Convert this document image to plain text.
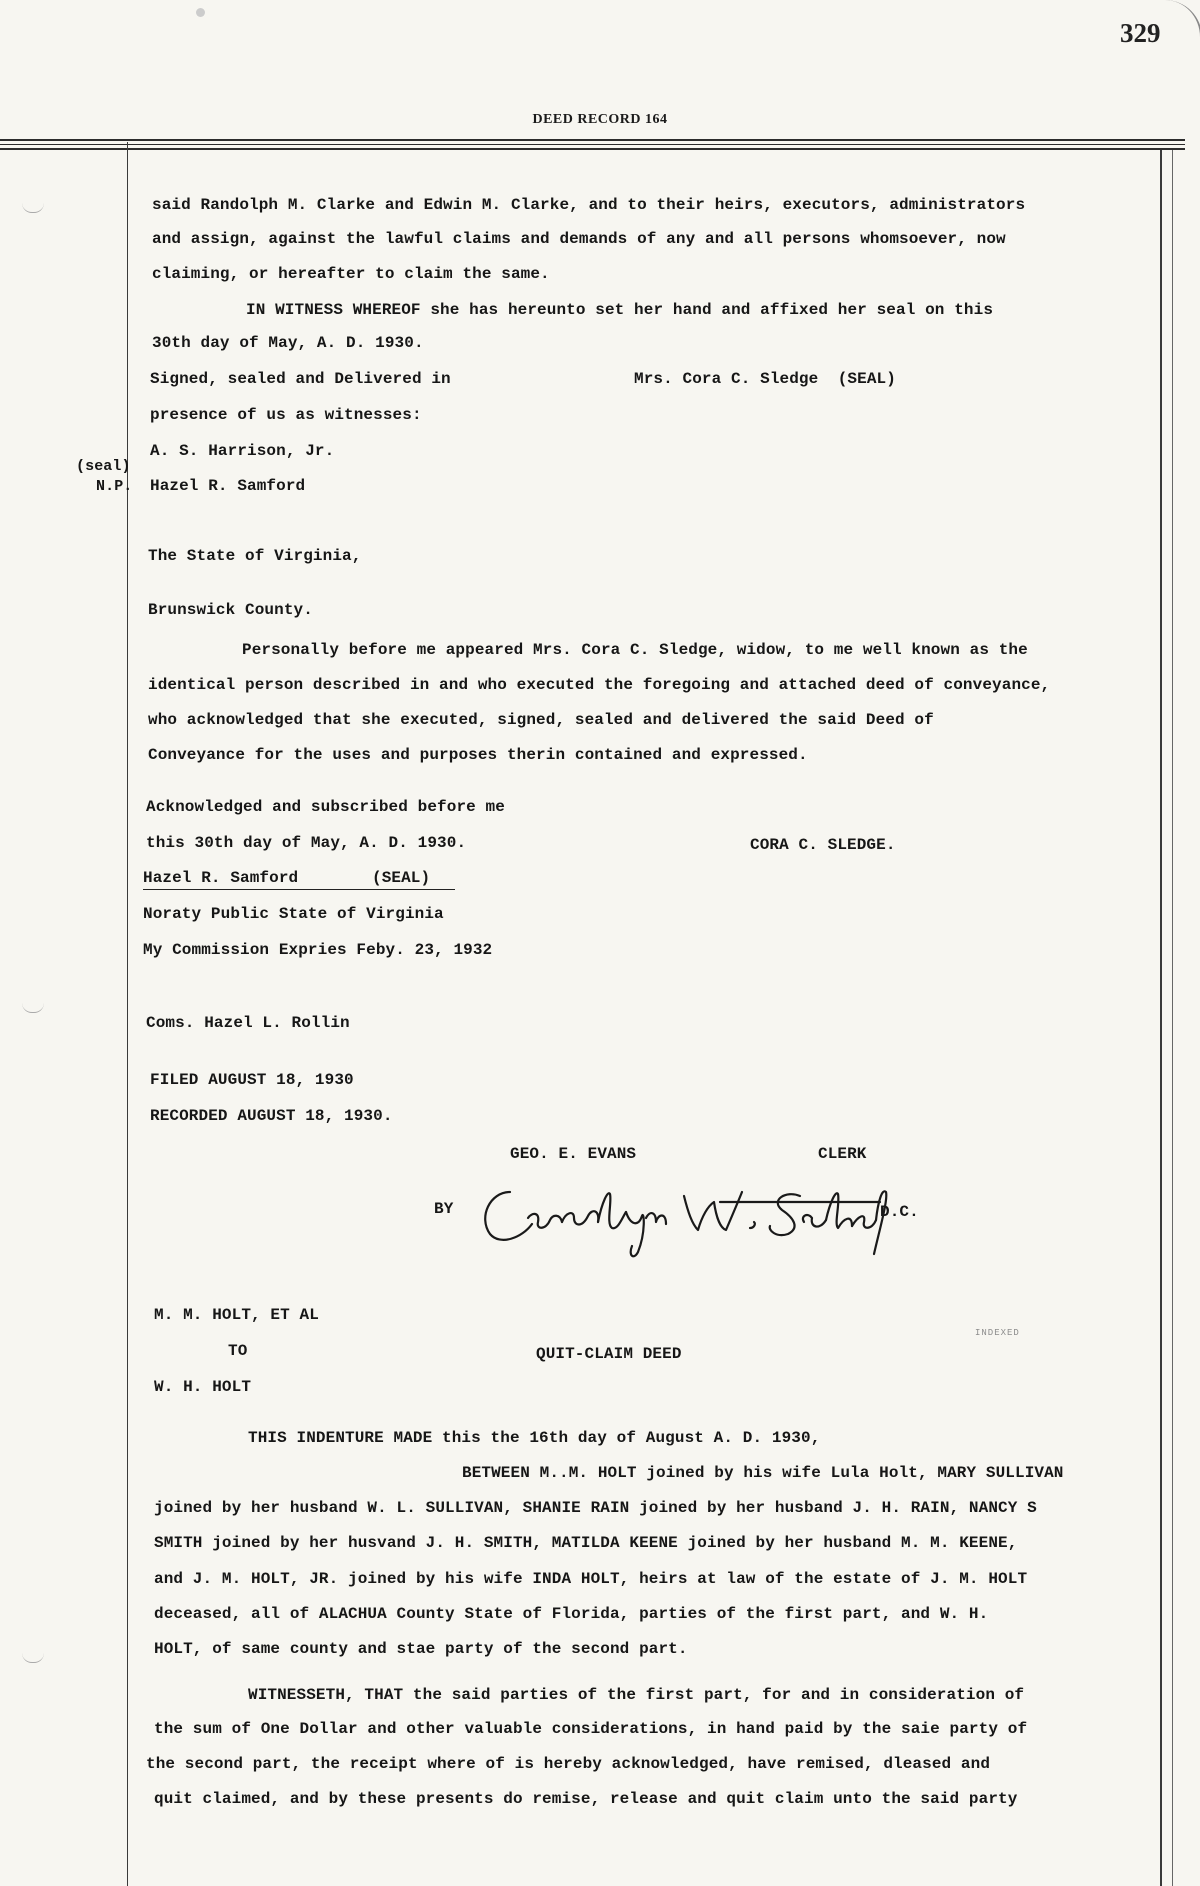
329
DEED RECORD 164
said Randolph M. Clarke and Edwin M. Clarke, and to their heirs, executors, administrators
and assign, against the lawful claims and demands of any and all persons whomsoever, now
claiming, or hereafter to claim the same.
IN WITNESS WHEREOF she has hereunto set her hand and affixed her seal on this
30th day of May, A. D. 1930.
Signed, sealed and Delivered in	Mrs. Cora C. Sledge  (SEAL)
presence of us as witnesses:
(seal)
N.P.
A. S. Harrison, Jr.
Hazel R. Samford
The State of Virginia,
Brunswick County.
Personally before me appeared Mrs. Cora C. Sledge, widow, to me well known as the
identical person described in and who executed the foregoing and attached deed of conveyance,
who acknowledged that she executed, signed, sealed and delivered the said Deed of
Conveyance for the uses and purposes therin contained and expressed.
Acknowledged and subscribed before me
this 30th day of May, A. D. 1930.	CORA C. SLEDGE.
Hazel R. Samford	(SEAL)
Noraty Public State of Virginia
My Commission Expries Feby. 23, 1932
Coms. Hazel L. Rollin
FILED AUGUST 18, 1930
RECORDED AUGUST 18, 1930.
GEO. E. EVANS	CLERK
BY	D.C.
M. M. HOLT, ET AL
TO	QUIT-CLAIM DEED
W. H. HOLT
INDEXED
THIS INDENTURE MADE this the 16th day of August A. D. 1930,
BETWEEN M..M. HOLT joined by his wife Lula Holt, MARY SULLIVAN
joined by her husband W. L. SULLIVAN, SHANIE RAIN joined by her husband J. H. RAIN, NANCY S
SMITH joined by her husvand J. H. SMITH, MATILDA KEENE joined by her husband M. M. KEENE,
and J. M. HOLT, JR. joined by his wife INDA HOLT, heirs at law of the estate of J. M. HOLT
deceased, all of ALACHUA County State of Florida, parties of the first part, and W. H.
HOLT, of same county and stae party of the second part.
WITNESSETH, THAT the said parties of the first part, for and in consideration of
the sum of One Dollar and other valuable considerations, in hand paid by the saie party of
the second part, the receipt where of is hereby acknowledged, have remised, dleased and
quit claimed, and by these presents do remise, release and quit claim unto the said party
